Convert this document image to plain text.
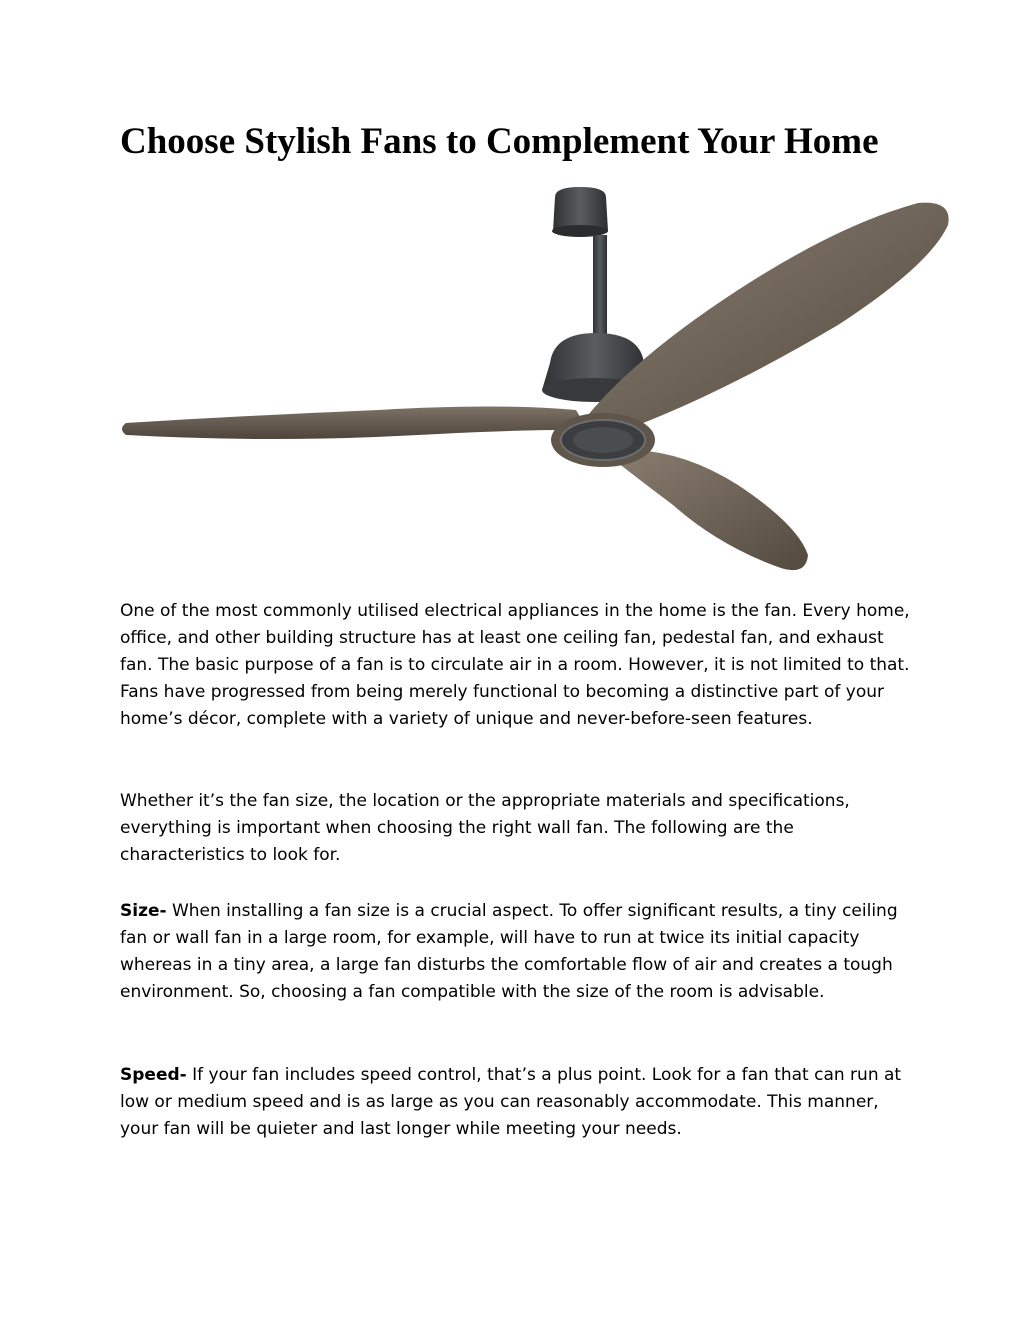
Choose Stylish Fans to Complement Your Home

One of the most commonly utilised electrical appliances in the home is the fan. Every home, office, and other building structure has at least one ceiling fan, pedestal fan, and exhaust fan. The basic purpose of a fan is to circulate air in a room. However, it is not limited to that. Fans have progressed from being merely functional to becoming a distinctive part of your home’s décor, complete with a variety of unique and never-before-seen features.

Whether it’s the fan size, the location or the appropriate materials and specifications, everything is important when choosing the right wall fan. The following are the characteristics to look for.

Size- When installing a fan size is a crucial aspect. To offer significant results, a tiny ceiling fan or wall fan in a large room, for example, will have to run at twice its initial capacity whereas in a tiny area, a large fan disturbs the comfortable flow of air and creates a tough environment. So, choosing a fan compatible with the size of the room is advisable.

Speed- If your fan includes speed control, that’s a plus point. Look for a fan that can run at low or medium speed and is as large as you can reasonably accommodate. This manner, your fan will be quieter and last longer while meeting your needs.
